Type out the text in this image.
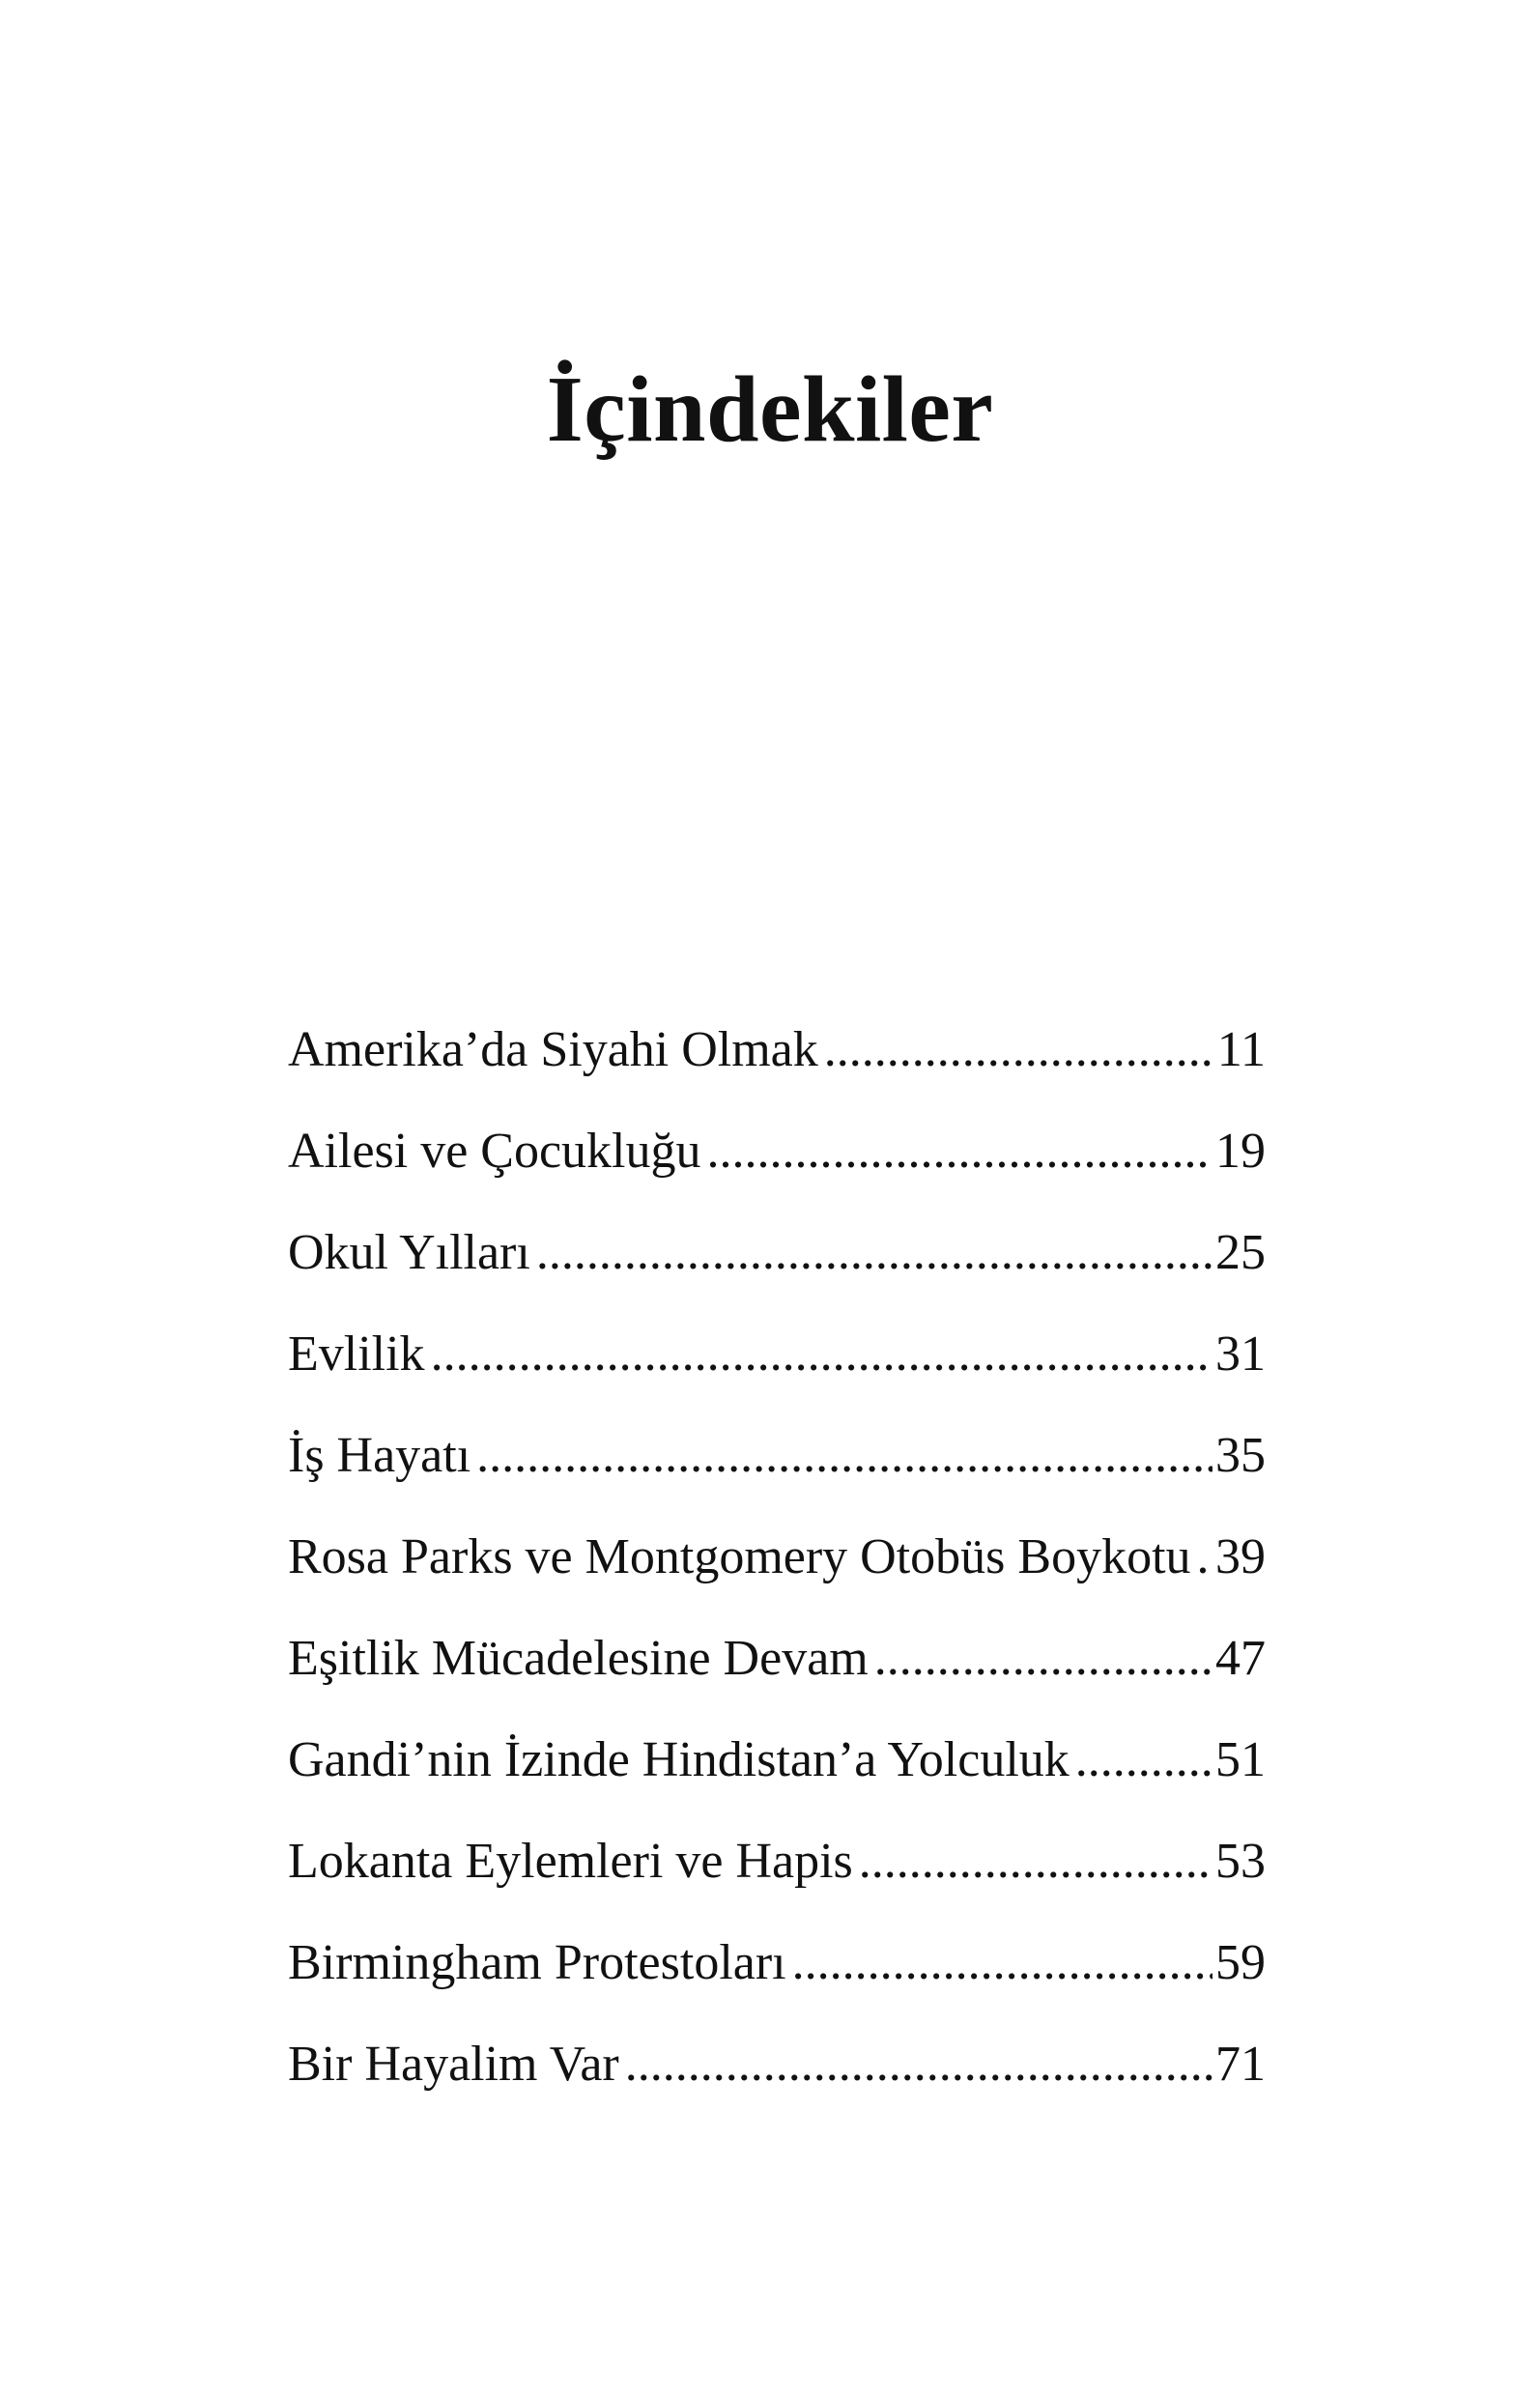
İçindekiler
Amerika’da Siyahi Olmak .....	11
Ailesi ve Çocukluğu .....	19
Okul Yılları .....	25
Evlilik .....	31
İş Hayatı .....	35
Rosa Parks ve Montgomery Otobüs Boykotu ..... 39
Eşitlik Mücadelesine Devam .....	47
Gandi’nin İzinde Hindistan’a Yolculuk .....	51
Lokanta Eylemleri ve Hapis .....	53
Birmingham Protestoları .....	59
Bir Hayalim Var .....	71
